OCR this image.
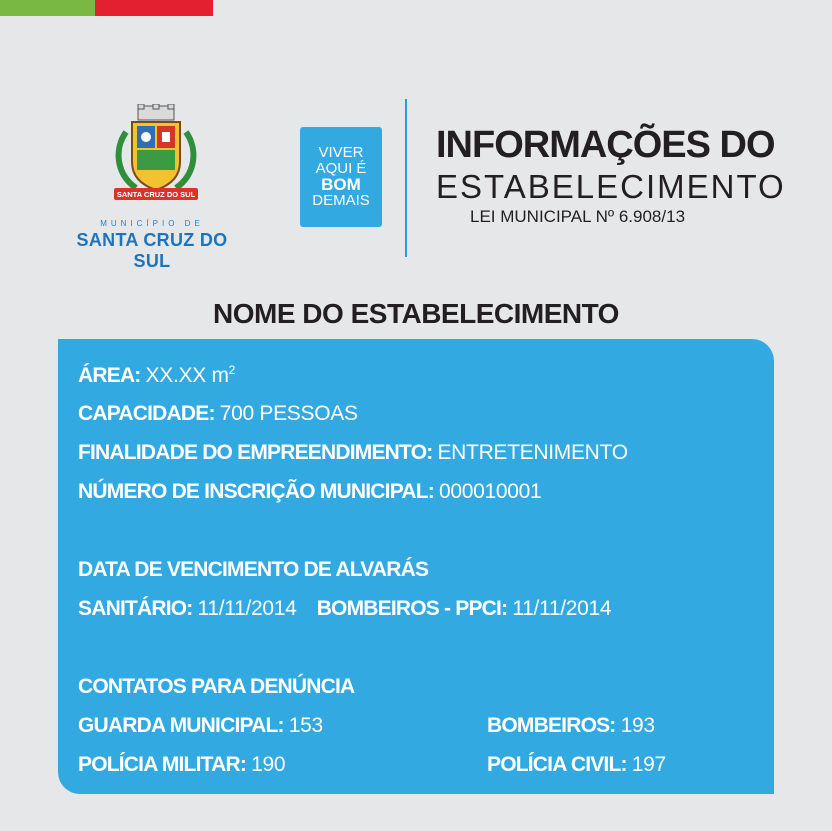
SANTA CRUZ DO SUL
MUNICÍPIO DE
SANTA CRUZ DO SUL
VIVER
AQUI É
BOM
DEMAIS
INFORMAÇÕES DO
ESTABELECIMENTO
LEI MUNICIPAL Nº 6.908/13
NOME DO ESTABELECIMENTO
ÁREA: XX.XX $m^2$
CAPACIDADE: 700 PESSOAS
FINALIDADE DO EMPREENDIMENTO: ENTRETENIMENTO
NÚMERO DE INSCRIÇÃO MUNICIPAL: 000010001
DATA DE VENCIMENTO DE ALVARÁS
SANITÁRIO: 11/11/2014 BOMBEIROS - PPCI: 11/11/2014
CONTATOS PARA DENÚNCIA
GUARDA MUNICIPAL: 153	BOMBEIROS: 193
POLÍCIA MILITAR: 190	POLÍCIA CIVIL: 197
